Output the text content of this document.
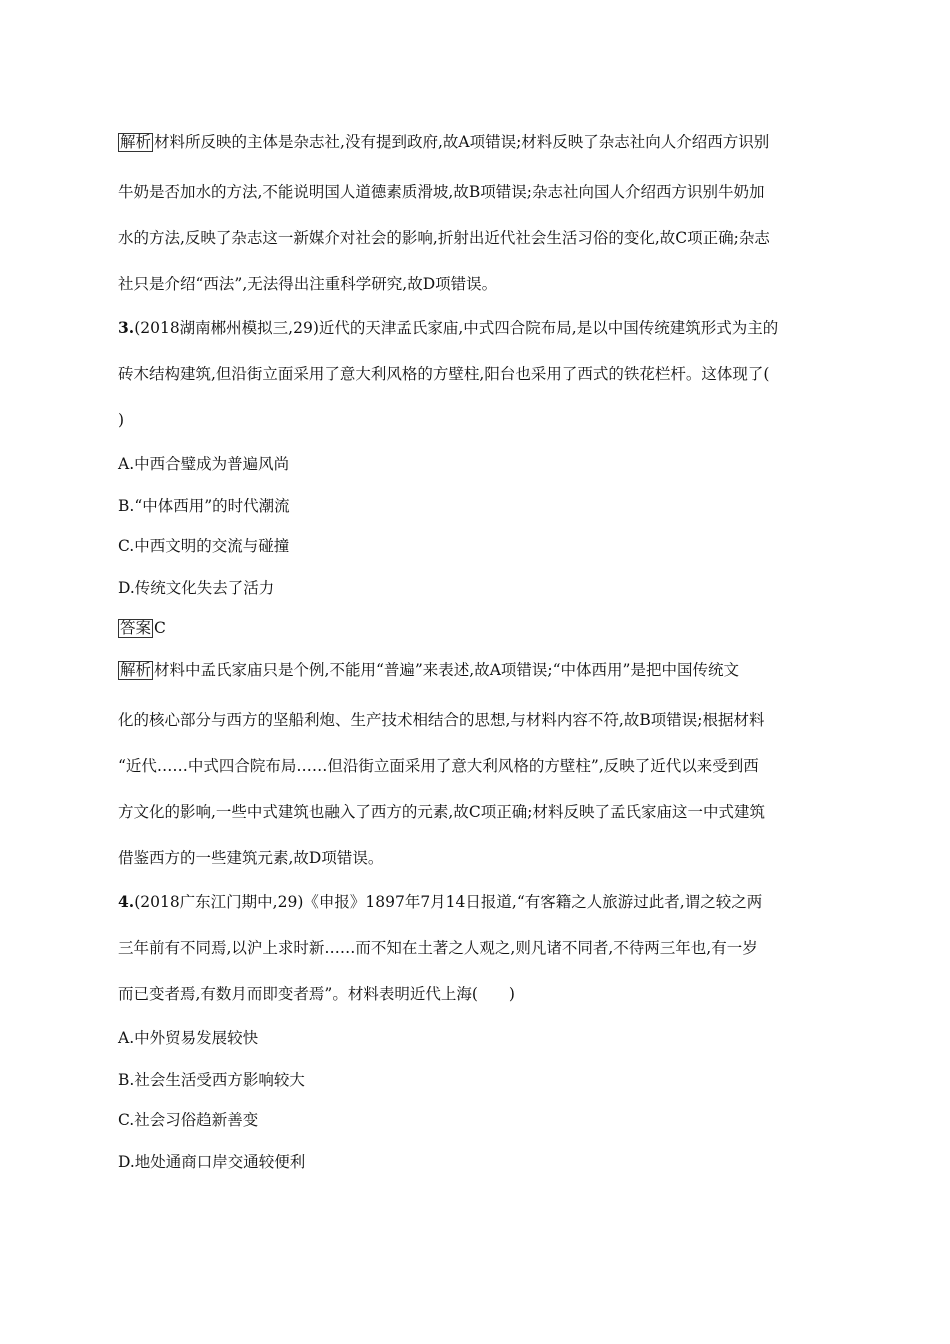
解析 材料所反映的主体是杂志社,没有提到政府,故A项错误;材料反映了杂志社向人介绍西方识别
牛奶是否加水的方法,不能说明国人道德素质滑坡,故B项错误;杂志社向国人介绍西方识别牛奶加
水的方法,反映了杂志这一新媒介对社会的影响,折射出近代社会生活习俗的变化,故C项正确;杂志
社只是介绍“西法”,无法得出注重科学研究,故D项错误。
3.(2018湖南郴州模拟三,29)近代的天津孟氏家庙,中式四合院布局,是以中国传统建筑形式为主的
砖木结构建筑,但沿街立面采用了意大利风格的方壁柱,阳台也采用了西式的铁花栏杆。这体现了(
)
A.中西合璧成为普遍风尚
B.“中体西用”的时代潮流
C.中西文明的交流与碰撞
D.传统文化失去了活力
答案 C
解析 材料中孟氏家庙只是个例,不能用“普遍”来表述,故A项错误;“中体西用”是把中国传统文
化的核心部分与西方的坚船利炮、生产技术相结合的思想,与材料内容不符,故B项错误;根据材料
“近代……中式四合院布局……但沿街立面采用了意大利风格的方壁柱”,反映了近代以来受到西
方文化的影响,一些中式建筑也融入了西方的元素,故C项正确;材料反映了孟氏家庙这一中式建筑
借鉴西方的一些建筑元素,故D项错误。
4.(2018广东江门期中,29)《申报》1897年7月14日报道,“有客籍之人旅游过此者,谓之较之两
三年前有不同焉,以沪上求时新……而不知在土著之人观之,则凡诸不同者,不待两三年也,有一岁
而已变者焉,有数月而即变者焉”。材料表明近代上海(　　)
A.中外贸易发展较快
B.社会生活受西方影响较大
C.社会习俗趋新善变
D.地处通商口岸交通较便利
